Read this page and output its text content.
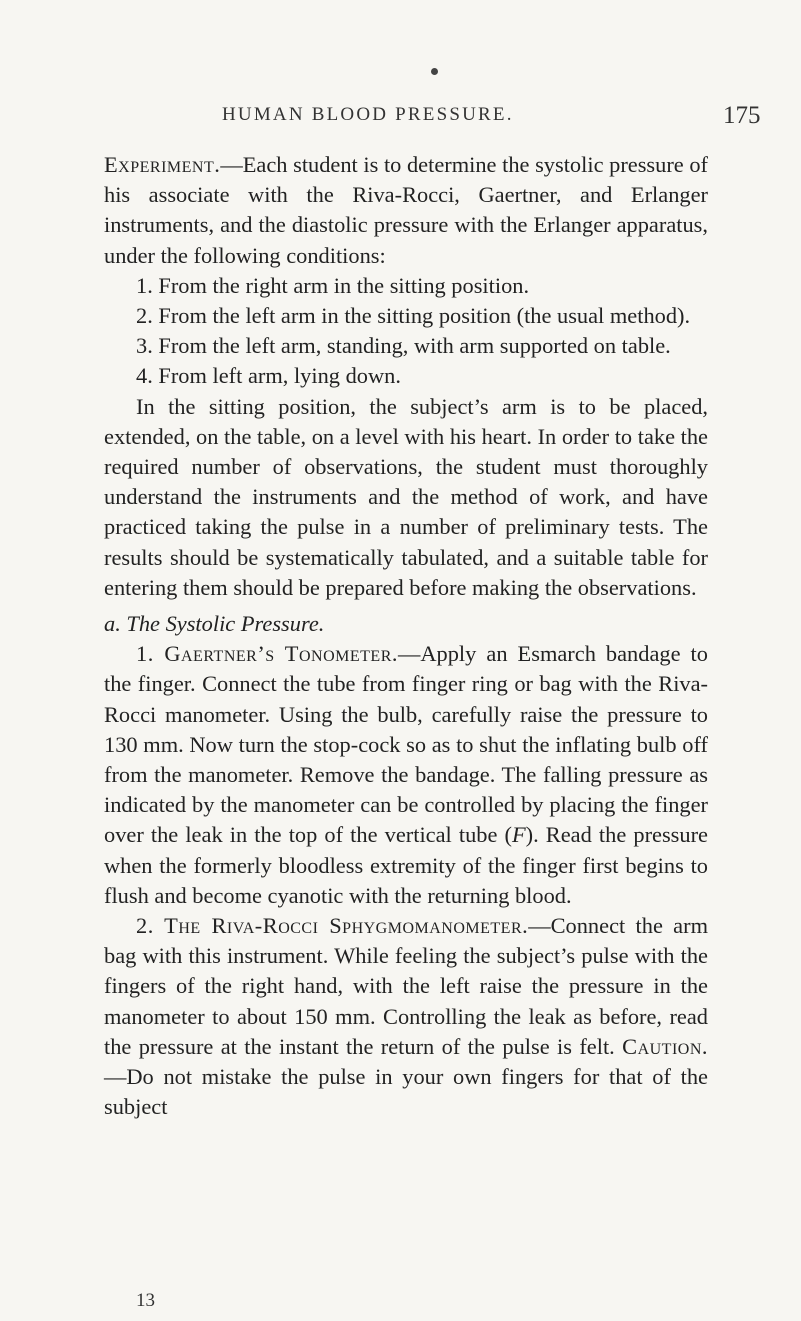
HUMAN BLOOD PRESSURE.	175

Experiment.—Each student is to determine the systolic pressure of his associate with the Riva-Rocci, Gaertner, and Erlanger instruments, and the diastolic pressure with the Erlanger apparatus, under the following conditions:

1. From the right arm in the sitting position.

2. From the left arm in the sitting position (the usual method).

3. From the left arm, standing, with arm supported on table.

4. From left arm, lying down.

In the sitting position, the subject’s arm is to be placed, extended, on the table, on a level with his heart. In order to take the required number of observations, the student must thoroughly understand the instruments and the method of work, and have practiced taking the pulse in a number of preliminary tests. The results should be systematically tabulated, and a suitable table for entering them should be prepared before making the observations.

a. The Systolic Pressure.

1. Gaertner’s Tonometer.—Apply an Esmarch bandage to the finger. Connect the tube from finger ring or bag with the Riva-Rocci manometer. Using the bulb, carefully raise the pressure to 130 mm. Now turn the stop-cock so as to shut the inflating bulb off from the manometer. Remove the bandage. The falling pressure as indicated by the manometer can be controlled by placing the finger over the leak in the top of the vertical tube (F). Read the pressure when the formerly bloodless extremity of the finger first begins to flush and become cyanotic with the returning blood.

2. The Riva-Rocci Sphygmomanometer.—Connect the arm bag with this instrument. While feeling the subject’s pulse with the fingers of the right hand, with the left raise the pressure in the manometer to about 150 mm. Controlling the leak as before, read the pressure at the instant the return of the pulse is felt. Caution.—Do not mistake the pulse in your own fingers for that of the subject

13
